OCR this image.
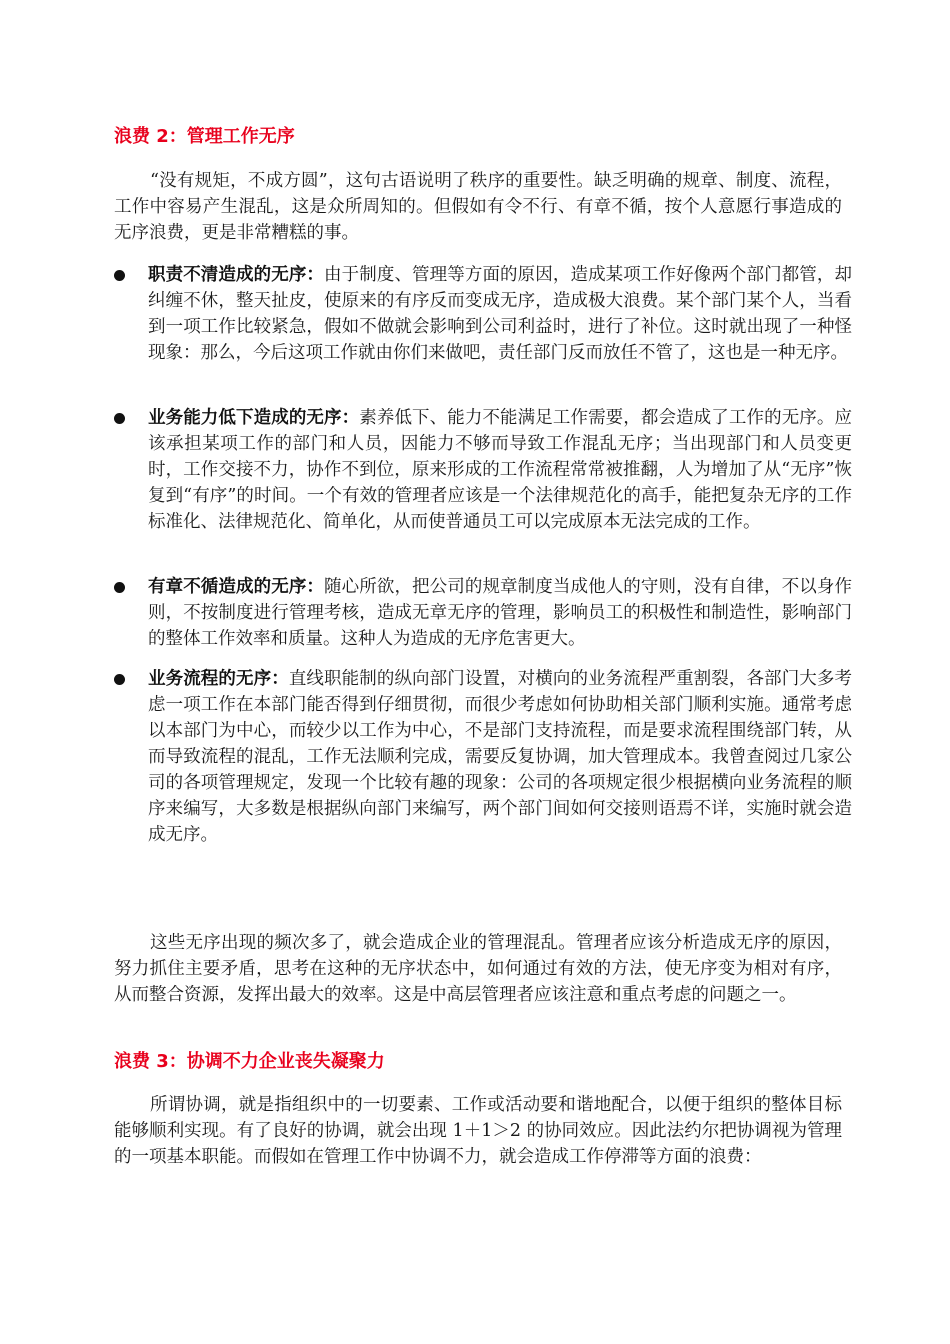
浪费 2：管理工作无序

“没有规矩，不成方圆”，这句古语说明了秩序的重要性。缺乏明确的规章、制度、流程，工作中容易产生混乱，这是众所周知的。但假如有令不行、有章不循，按个人意愿行事造成的无序浪费，更是非常糟糕的事。

职责不清造成的无序：由于制度、管理等方面的原因，造成某项工作好像两个部门都管，却纠缠不休，整天扯皮，使原来的有序反而变成无序，造成极大浪费。某个部门某个人，当看到一项工作比较紧急，假如不做就会影响到公司利益时，进行了补位。这时就出现了一种怪现象：那么，今后这项工作就由你们来做吧，责任部门反而放任不管了，这也是一种无序。

业务能力低下造成的无序：素养低下、能力不能满足工作需要，都会造成了工作的无序。应该承担某项工作的部门和人员，因能力不够而导致工作混乱无序；当出现部门和人员变更时，工作交接不力，协作不到位，原来形成的工作流程常常被推翻，人为增加了从“无序”恢复到“有序”的时间。一个有效的管理者应该是一个法律规范化的高手，能把复杂无序的工作标准化、法律规范化、简单化，从而使普通员工可以完成原本无法完成的工作。

有章不循造成的无序：随心所欲，把公司的规章制度当成他人的守则，没有自律，不以身作则，不按制度进行管理考核，造成无章无序的管理，影响员工的积极性和制造性，影响部门的整体工作效率和质量。这种人为造成的无序危害更大。

业务流程的无序：直线职能制的纵向部门设置，对横向的业务流程严重割裂，各部门大多考虑一项工作在本部门能否得到仔细贯彻，而很少考虑如何协助相关部门顺利实施。通常考虑以本部门为中心，而较少以工作为中心，不是部门支持流程，而是要求流程围绕部门转，从而导致流程的混乱，工作无法顺利完成，需要反复协调，加大管理成本。我曾查阅过几家公司的各项管理规定，发现一个比较有趣的现象：公司的各项规定很少根据横向业务流程的顺序来编写，大多数是根据纵向部门来编写，两个部门间如何交接则语焉不详，实施时就会造成无序。

这些无序出现的频次多了，就会造成企业的管理混乱。管理者应该分析造成无序的原因，努力抓住主要矛盾，思考在这种的无序状态中，如何通过有效的方法，使无序变为相对有序，从而整合资源，发挥出最大的效率。这是中高层管理者应该注意和重点考虑的问题之一。

浪费 3：协调不力企业丧失凝聚力

所谓协调，就是指组织中的一切要素、工作或活动要和谐地配合，以便于组织的整体目标能够顺利实现。有了良好的协调，就会出现 1＋1＞2 的协同效应。因此法约尔把协调视为管理的一项基本职能。而假如在管理工作中协调不力，就会造成工作停滞等方面的浪费：
